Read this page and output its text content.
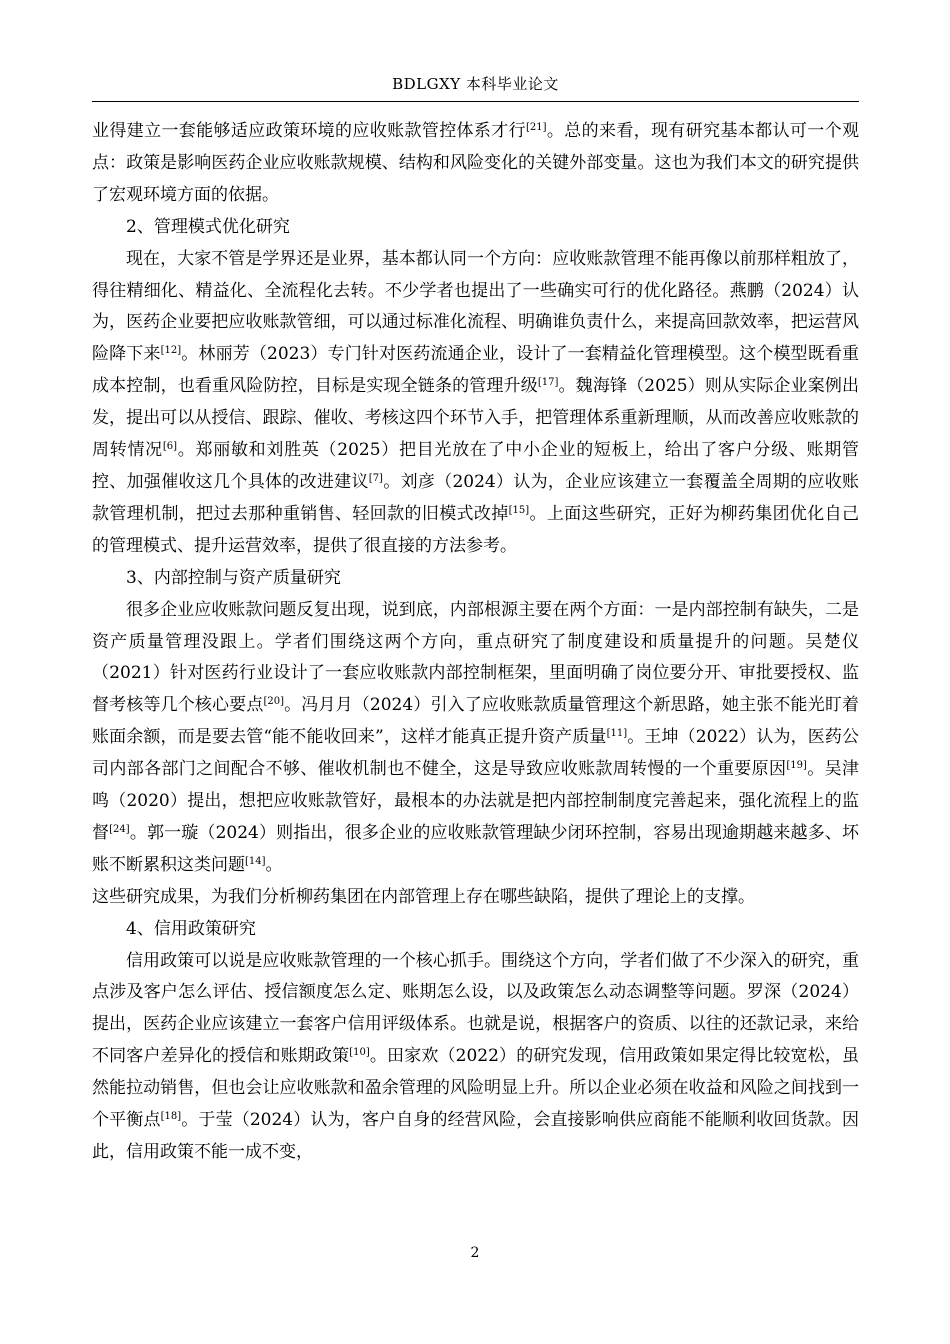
BDLGXY 本科毕业论文

业得建立一套能够适应政策环境的应收账款管控体系才行[21]。总的来看，现有研究基本都认可一个观点：政策是影响医药企业应收账款规模、结构和风险变化的关键外部变量。这也为我们本文的研究提供了宏观环境方面的依据。

2、管理模式优化研究

现在，大家不管是学界还是业界，基本都认同一个方向：应收账款管理不能再像以前那样粗放了，得往精细化、精益化、全流程化去转。不少学者也提出了一些确实可行的优化路径。燕鹏（2024）认为，医药企业要把应收账款管细，可以通过标准化流程、明确谁负责什么，来提高回款效率，把运营风险降下来[12]。林丽芳（2023）专门针对医药流通企业，设计了一套精益化管理模型。这个模型既看重成本控制，也看重风险防控，目标是实现全链条的管理升级[17]。魏海锋（2025）则从实际企业案例出发，提出可以从授信、跟踪、催收、考核这四个环节入手，把管理体系重新理顺，从而改善应收账款的周转情况[6]。郑丽敏和刘胜英（2025）把目光放在了中小企业的短板上，给出了客户分级、账期管控、加强催收这几个具体的改进建议[7]。刘彦（2024）认为，企业应该建立一套覆盖全周期的应收账款管理机制，把过去那种重销售、轻回款的旧模式改掉[15]。上面这些研究，正好为柳药集团优化自己的管理模式、提升运营效率，提供了很直接的方法参考。

3、内部控制与资产质量研究

很多企业应收账款问题反复出现，说到底，内部根源主要在两个方面：一是内部控制有缺失，二是资产质量管理没跟上。学者们围绕这两个方向，重点研究了制度建设和质量提升的问题。吴楚仪（2021）针对医药行业设计了一套应收账款内部控制框架，里面明确了岗位要分开、审批要授权、监督考核等几个核心要点[20]。冯月月（2024）引入了应收账款质量管理这个新思路，她主张不能光盯着账面余额，而是要去管“能不能收回来”，这样才能真正提升资产质量[11]。王坤（2022）认为，医药公司内部各部门之间配合不够、催收机制也不健全，这是导致应收账款周转慢的一个重要原因[19]。吴津鸣（2020）提出，想把应收账款管好，最根本的办法就是把内部控制制度完善起来，强化流程上的监督[24]。郭一璇（2024）则指出，很多企业的应收账款管理缺少闭环控制，容易出现逾期越来越多、坏账不断累积这类问题[14]。

这些研究成果，为我们分析柳药集团在内部管理上存在哪些缺陷，提供了理论上的支撑。

4、信用政策研究

信用政策可以说是应收账款管理的一个核心抓手。围绕这个方向，学者们做了不少深入的研究，重点涉及客户怎么评估、授信额度怎么定、账期怎么设，以及政策怎么动态调整等问题。罗深（2024）提出，医药企业应该建立一套客户信用评级体系。也就是说，根据客户的资质、以往的还款记录，来给不同客户差异化的授信和账期政策[10]。田家欢（2022）的研究发现，信用政策如果定得比较宽松，虽然能拉动销售，但也会让应收账款和盈余管理的风险明显上升。所以企业必须在收益和风险之间找到一个平衡点[18]。于莹（2024）认为，客户自身的经营风险，会直接影响供应商能不能顺利收回货款。因此，信用政策不能一成不变，

2
